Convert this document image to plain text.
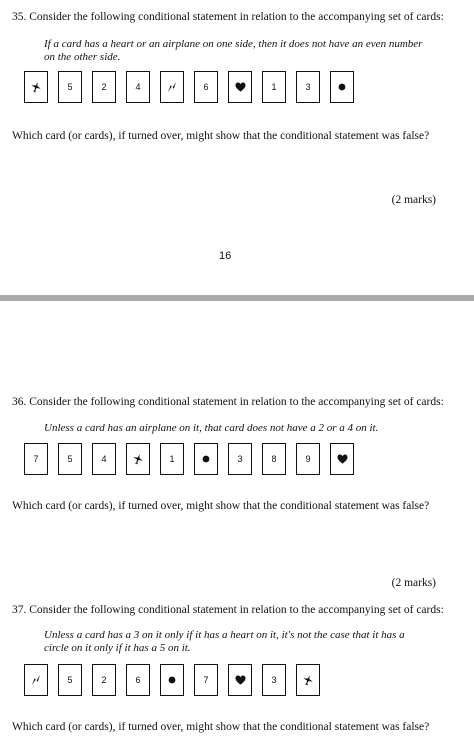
35. Consider the following conditional statement in relation to the accompanying set of cards:
If a card has a heart or an airplane on one side, then it does not have an even number
on the other side.
5	2	4	6	1	3
Which card (or cards), if turned over, might show that the conditional statement was false?
(2 marks)
16
36. Consider the following conditional statement in relation to the accompanying set of cards:
Unless a card has an airplane on it, that card does not have a 2 or a 4 on it.
7	5	4	1	3	8	9
Which card (or cards), if turned over, might show that the conditional statement was false?
(2 marks)
37. Consider the following conditional statement in relation to the accompanying set of cards:
Unless a card has a 3 on it only if it has a heart on it, it's not the case that it has a
circle on it only if it has a 5 on it.
5	2	6	7	3
Which card (or cards), if turned over, might show that the conditional statement was false?
